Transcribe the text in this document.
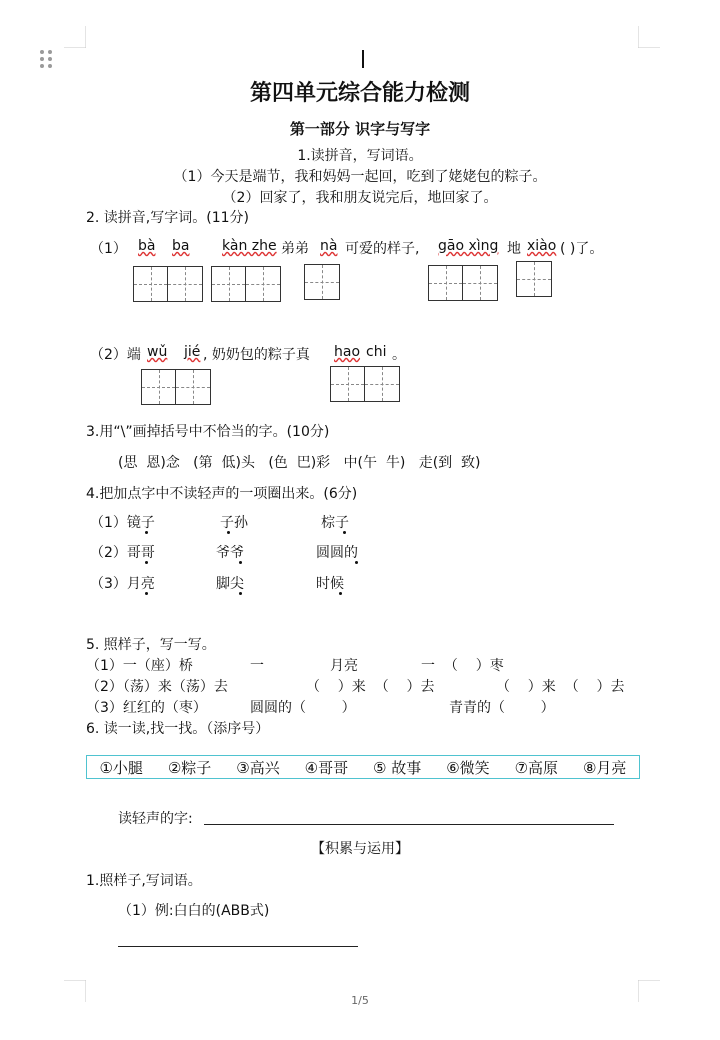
第四单元综合能力检测
第一部分 识字与写字
1.读拼音，写词语。
（1）今天是端节，我和妈妈一起回，吃到了姥姥包的粽子。
（2）回家了，我和朋友说完后，地回家了。
2. 读拼音,写字词。(11分)
（1） bà ba kàn zhe 弟弟 nà 可爱的样子, gāo xìng 地 xiào ( )了。
（2）端 wǔ jié , 奶奶包的粽子真 hao chi 。
3.用“\”画掉括号中不恰当的字。(10分)
(思  恩)念   (第  低)头   (色  巴)彩   中(午  牛)   走(到  致)
4.把加点字中不读轻声的一项圈出来。(6分)
（1）镜子	子孙	棕子
（2）哥哥	爷爷	圆圆的
（3）月亮	脚尖	时候
5. 照样子，写一写。
（1）一（座）桥	一	月亮	一  （    ）枣
（2）（荡）来（荡）去	（    ）来  （    ）去	（    ）来  （    ）去
（3）红红的（枣）	圆圆的（        ）	青青的（        ）
6. 读一读,找一找。（添序号）
①小腿 ②粽子 ③高兴 ④哥哥 ⑤ 故事 ⑥微笑 ⑦高原 ⑧月亮
读轻声的字:
【积累与运用】
1.照样子,写词语。
（1）例:白白的(ABB式)
1/5
